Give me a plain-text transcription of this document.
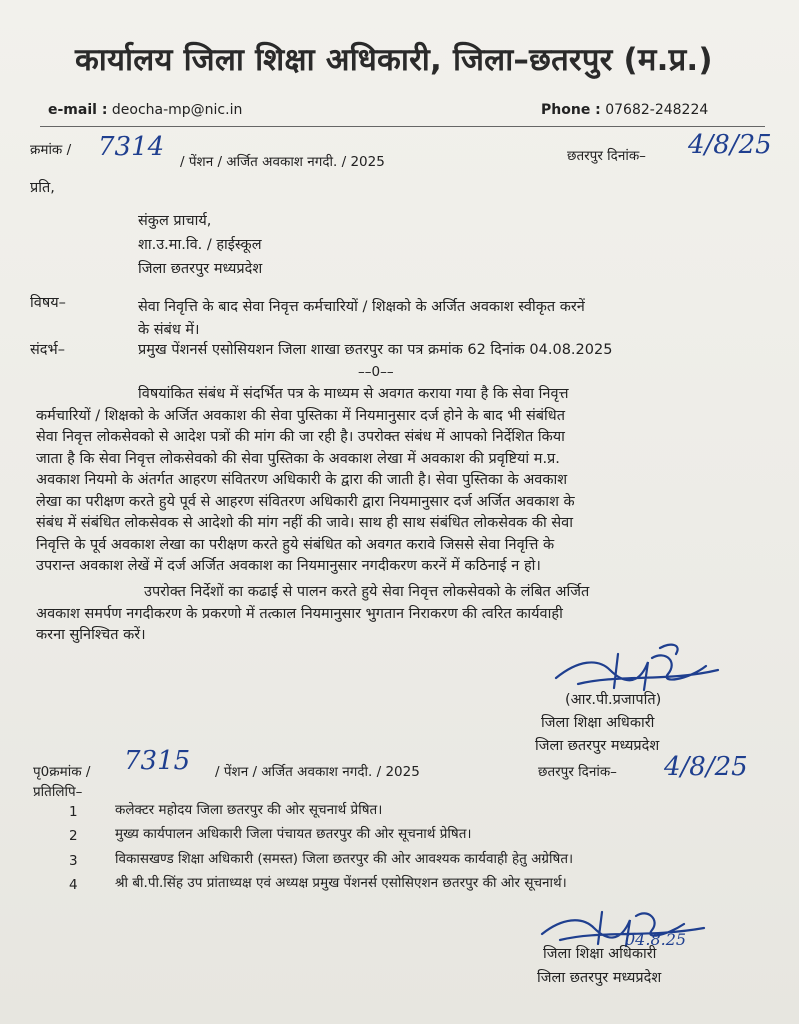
कार्यालय जिला शिक्षा अधिकारी, जिला–छतरपुर (म.प्र.)
e-mail : deocha-mp@nic.in	Phone : 07682-248224
क्रमांक / 7314 / पेंशन / अर्जित अवकाश नगदी. / 2025	छतरपुर दिनांक– 4/8/25
प्रति,
संकुल प्राचार्य,
शा.उ.मा.वि. / हाईस्कूल
जिला छतरपुर मध्यप्रदेश
विषय–	सेवा निवृत्ति के बाद सेवा निवृत्त कर्मचारियों / शिक्षको के अर्जित अवकाश स्वीकृत करनें
के संबंध में।
संदर्भ–	प्रमुख पेंशनर्स एसोसियशन जिला शाखा छतरपुर का पत्र क्रमांक 62 दिनांक 04.08.2025
––0––
विषयांकित संबंध में संदर्भित पत्र के माध्यम से अवगत कराया गया है कि सेवा निवृत्त
कर्मचारियों / शिक्षको के अर्जित अवकाश की सेवा पुस्तिका में नियमानुसार दर्ज होने के बाद भी संबंधित
सेवा निवृत्त लोकसेवको से आदेश पत्रों की मांग की जा रही है। उपरोक्त संबंध में आपको निर्देशित किया
जाता है कि सेवा निवृत्त लोकसेवको की सेवा पुस्तिका के अवकाश लेखा में अवकाश की प्रवृष्टियां म.प्र.
अवकाश नियमो के अंतर्गत आहरण संवितरण अधिकारी के द्वारा की जाती है। सेवा पुस्तिका के अवकाश
लेखा का परीक्षण करते हुये पूर्व से आहरण संवितरण अधिकारी द्वारा नियमानुसार दर्ज अर्जित अवकाश के
संबंध में संबंधित लोकसेवक से आदेशो की मांग नहीं की जावे। साथ ही साथ संबंधित लोकसेवक की सेवा
निवृत्ति के पूर्व अवकाश लेखा का परीक्षण करते हुये संबंधित को अवगत करावे जिससे सेवा निवृत्ति के
उपरान्त अवकाश लेखें में दर्ज अर्जित अवकाश का नियमानुसार नगदीकरण करनें में कठिनाई न हो।
उपरोक्त निर्देशों का कढाई से पालन करते हुये सेवा निवृत्त लोकसेवको के लंबित अर्जित
अवकाश समर्पण नगदीकरण के प्रकरणो में तत्काल नियमानुसार भुगतान निराकरण की त्वरित कार्यवाही
करना सुनिश्चित करें।
(आर.पी.प्रजापति)
जिला शिक्षा अधिकारी
जिला छतरपुर मध्यप्रदेश
पृ0क्रमांक / 7315 / पेंशन / अर्जित अवकाश नगदी. / 2025	छतरपुर दिनांक– 4/8/25
प्रतिलिपि–
1	कलेक्टर महोदय जिला छतरपुर की ओर सूचनार्थ प्रेषित।
2	मुख्य कार्यपालन अधिकारी जिला पंचायत छतरपुर की ओर सूचनार्थ प्रेषित।
3	विकासखण्ड शिक्षा अधिकारी (समस्त) जिला छतरपुर की ओर आवश्यक कार्यवाही हेतु अग्रेषित।
4	श्री बी.पी.सिंह उप प्रांताध्यक्ष एवं अध्यक्ष प्रमुख पेंशनर्स एसोसिएशन छतरपुर की ओर सूचनार्थ।
04.8.25
जिला शिक्षा अधिकारी
जिला छतरपुर मध्यप्रदेश
